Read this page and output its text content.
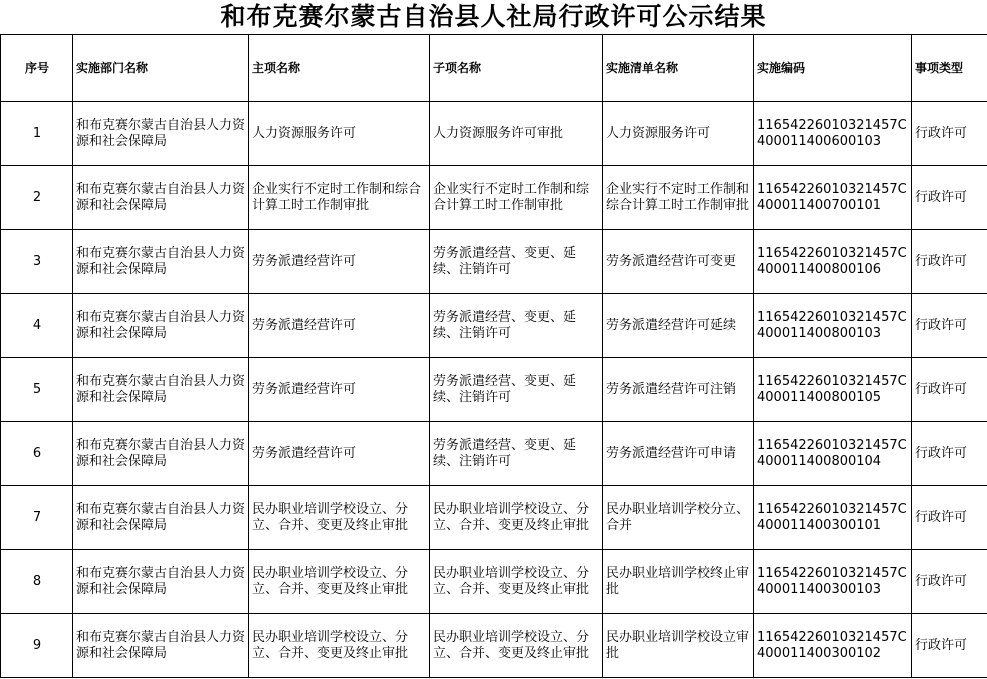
和布克赛尔蒙古自治县人社局行政许可公示结果
序号	实施部门名称	主项名称	子项名称	实施清单名称	实施编码	事项类型
1	和布克赛尔蒙古自治县人力资源和社会保障局	人力资源服务许可	人力资源服务许可审批	人力资源服务许可	11654226010321457C400011400600103	行政许可
2	和布克赛尔蒙古自治县人力资源和社会保障局	企业实行不定时工作制和综合计算工时工作制审批	企业实行不定时工作制和综合计算工时工作制审批	企业实行不定时工作制和综合计算工时工作制审批	11654226010321457C400011400700101	行政许可
3	和布克赛尔蒙古自治县人力资源和社会保障局	劳务派遣经营许可	劳务派遣经营、变更、延续、注销许可	劳务派遣经营许可变更	11654226010321457C400011400800106	行政许可
4	和布克赛尔蒙古自治县人力资源和社会保障局	劳务派遣经营许可	劳务派遣经营、变更、延续、注销许可	劳务派遣经营许可延续	11654226010321457C400011400800103	行政许可
5	和布克赛尔蒙古自治县人力资源和社会保障局	劳务派遣经营许可	劳务派遣经营、变更、延续、注销许可	劳务派遣经营许可注销	11654226010321457C400011400800105	行政许可
6	和布克赛尔蒙古自治县人力资源和社会保障局	劳务派遣经营许可	劳务派遣经营、变更、延续、注销许可	劳务派遣经营许可申请	11654226010321457C400011400800104	行政许可
7	和布克赛尔蒙古自治县人力资源和社会保障局	民办职业培训学校设立、分立、合并、变更及终止审批	民办职业培训学校设立、分立、合并、变更及终止审批	民办职业培训学校分立、合并	11654226010321457C400011400300101	行政许可
8	和布克赛尔蒙古自治县人力资源和社会保障局	民办职业培训学校设立、分立、合并、变更及终止审批	民办职业培训学校设立、分立、合并、变更及终止审批	民办职业培训学校终止审批	11654226010321457C400011400300103	行政许可
9	和布克赛尔蒙古自治县人力资源和社会保障局	民办职业培训学校设立、分立、合并、变更及终止审批	民办职业培训学校设立、分立、合并、变更及终止审批	民办职业培训学校设立审批	11654226010321457C400011400300102	行政许可
